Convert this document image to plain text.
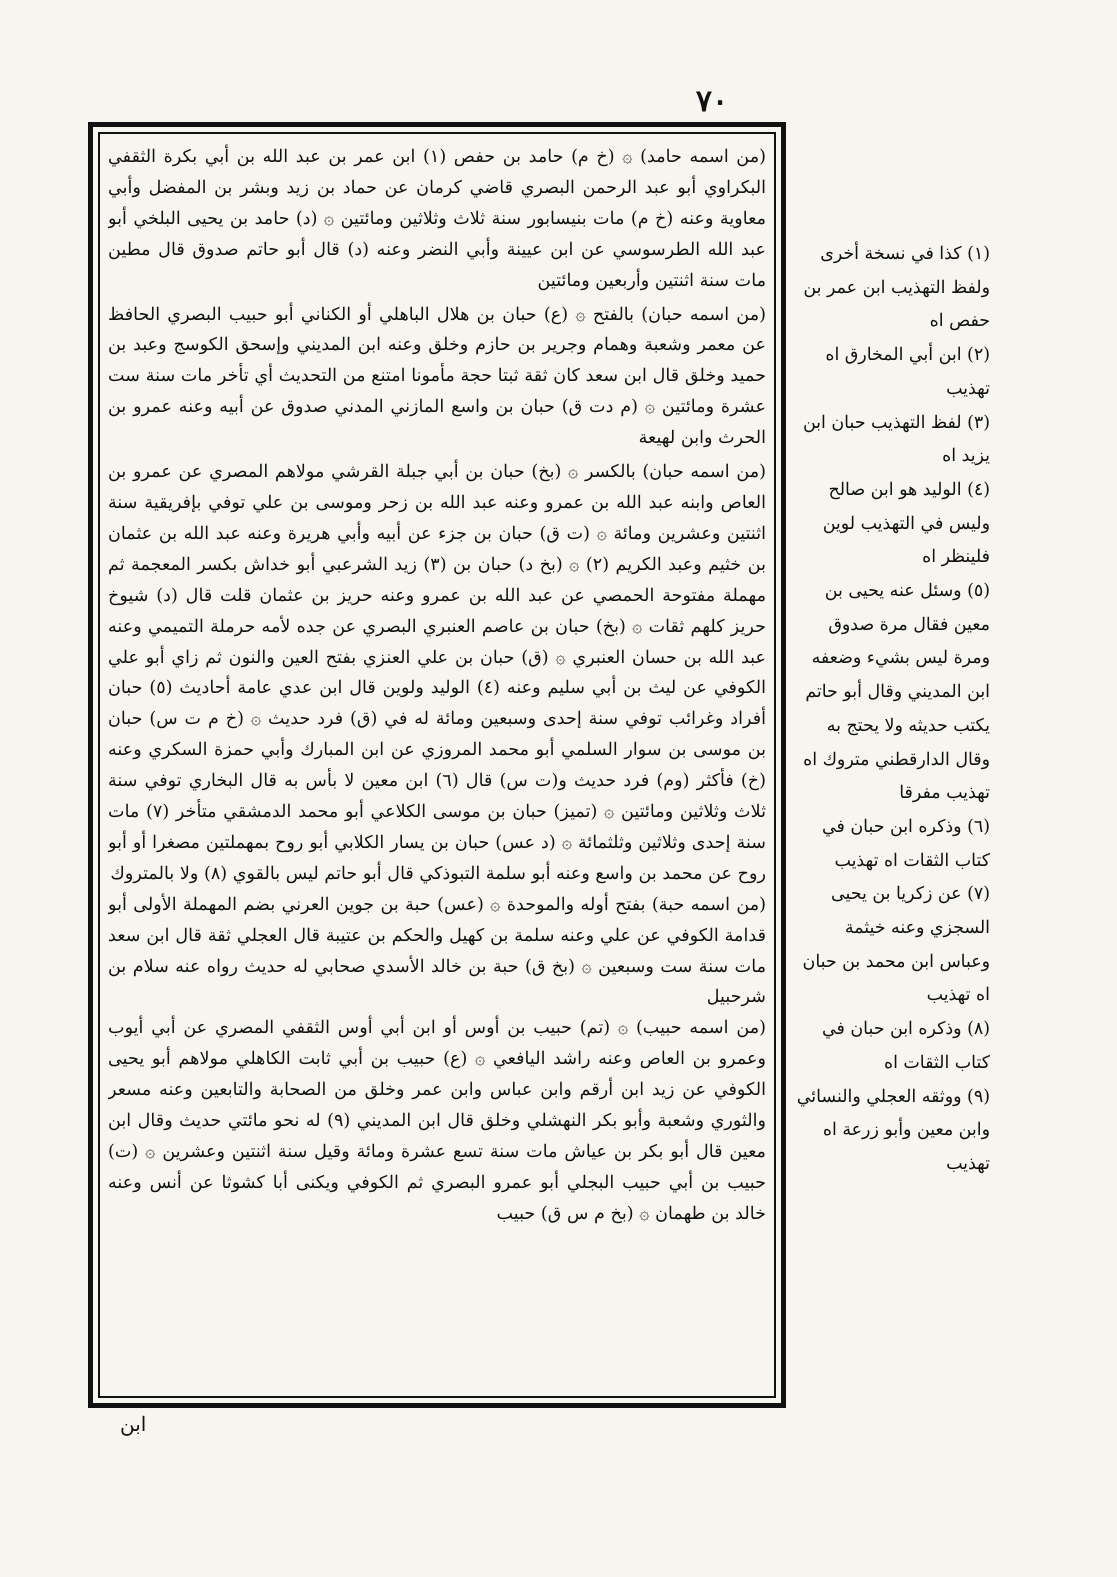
٧٠

(من اسمه حامد) ۞ (خ م) حامد بن حفص (١) ابن عمر بن عبد الله بن أبي بكرة الثقفي البكراوي أبو عبد الرحمن البصري قاضي كرمان عن حماد بن زيد وبشر بن المفضل وأبي معاوية وعنه (خ م) مات بنيسابور سنة ثلاث وثلاثين ومائتين ۞ (د) حامد بن يحيى البلخي أبو عبد الله الطرسوسي عن ابن عيينة وأبي النضر وعنه (د) قال أبو حاتم صدوق قال مطين مات سنة اثنتين وأربعين ومائتين

(من اسمه حبان) بالفتح ۞ (ع) حبان بن هلال الباهلي أو الكناني أبو حبيب البصري الحافظ عن معمر وشعبة وهمام وجرير بن حازم وخلق وعنه ابن المديني وإسحق الكوسج وعبد بن حميد وخلق قال ابن سعد كان ثقة ثبتا حجة مأمونا امتنع من التحديث أي تأخر مات سنة ست عشرة ومائتين ۞ (م دت ق) حبان بن واسع المازني المدني صدوق عن أبيه وعنه عمرو بن الحرث وابن لهيعة

(من اسمه حبان) بالكسر ۞ (بخ) حبان بن أبي جبلة القرشي مولاهم المصري عن عمرو بن العاص وابنه عبد الله بن عمرو وعنه عبد الله بن زحر وموسى بن علي توفي بإفريقية سنة اثنتين وعشرين ومائة ۞ (ت ق) حبان بن جزء عن أبيه وأبي هريرة وعنه عبد الله بن عثمان بن خثيم وعبد الكريم (٢) ۞ (بخ د) حبان بن (٣) زيد الشرعبي أبو خداش بكسر المعجمة ثم مهملة مفتوحة الحمصي عن عبد الله بن عمرو وعنه حريز بن عثمان قلت قال (د) شيوخ حريز كلهم ثقات ۞ (بخ) حبان بن عاصم العنبري البصري عن جده لأمه حرملة التميمي وعنه عبد الله بن حسان العنبري ۞ (ق) حبان بن علي العنزي بفتح العين والنون ثم زاي أبو علي الكوفي عن ليث بن أبي سليم وعنه (٤) الوليد ولوين قال ابن عدي عامة أحاديث (٥) حبان أفراد وغرائب توفي سنة إحدى وسبعين ومائة له في (ق) فرد حديث ۞ (خ م ت س) حبان بن موسى بن سوار السلمي أبو محمد المروزي عن ابن المبارك وأبي حمزة السكري وعنه (خ) فأكثر (وم) فرد حديث و(ت س) قال (٦) ابن معين لا بأس به قال البخاري توفي سنة ثلاث وثلاثين ومائتين ۞ (تميز) حبان بن موسى الكلاعي أبو محمد الدمشقي متأخر (٧) مات سنة إحدى وثلاثين وثلثمائة ۞ (د عس) حبان بن يسار الكلابي أبو روح بمهملتين مصغرا أو أبو روح عن محمد بن واسع وعنه أبو سلمة التبوذكي قال أبو حاتم ليس بالقوي (٨) ولا بالمتروك

(من اسمه حبة) بفتح أوله والموحدة ۞ (عس) حبة بن جوين العرني بضم المهملة الأولى أبو قدامة الكوفي عن علي وعنه سلمة بن كهيل والحكم بن عتيبة قال العجلي ثقة قال ابن سعد مات سنة ست وسبعين ۞ (بخ ق) حبة بن خالد الأسدي صحابي له حديث رواه عنه سلام بن شرحبيل

(من اسمه حبيب) ۞ (تم) حبيب بن أوس أو ابن أبي أوس الثقفي المصري عن أبي أيوب وعمرو بن العاص وعنه راشد اليافعي ۞ (ع) حبيب بن أبي ثابت الكاهلي مولاهم أبو يحيى الكوفي عن زيد ابن أرقم وابن عباس وابن عمر وخلق من الصحابة والتابعين وعنه مسعر والثوري وشعبة وأبو بكر النهشلي وخلق قال ابن المديني (٩) له نحو مائتي حديث وقال ابن معين قال أبو بكر بن عياش مات سنة تسع عشرة ومائة وقيل سنة اثنتين وعشرين ۞ (ت) حبيب بن أبي حبيب البجلي أبو عمرو البصري ثم الكوفي ويكنى أبا كشوثا عن أنس وعنه خالد بن طهمان ۞ (بخ م س ق) حبيب

ابن

(١) كذا في نسخة أخرى ولفظ التهذيب ابن عمر بن حفص اه

(٢) ابن أبي المخارق اه تهذيب

(٣) لفظ التهذيب حبان ابن يزيد اه

(٤) الوليد هو ابن صالح وليس في التهذيب لوين فلينظر اه

(٥) وسئل عنه يحيى بن معين فقال مرة صدوق ومرة ليس بشيء وضعفه ابن المديني وقال أبو حاتم يكتب حديثه ولا يحتج به وقال الدارقطني متروك اه تهذيب مفرقا

(٦) وذكره ابن حبان في كتاب الثقات اه تهذيب

(٧) عن زكريا بن يحيى السجزي وعنه خيثمة وعباس ابن محمد بن حبان اه تهذيب

(٨) وذكره ابن حبان في كتاب الثقات اه

(٩) ووثقه العجلي والنسائي وابن معين وأبو زرعة اه تهذيب
